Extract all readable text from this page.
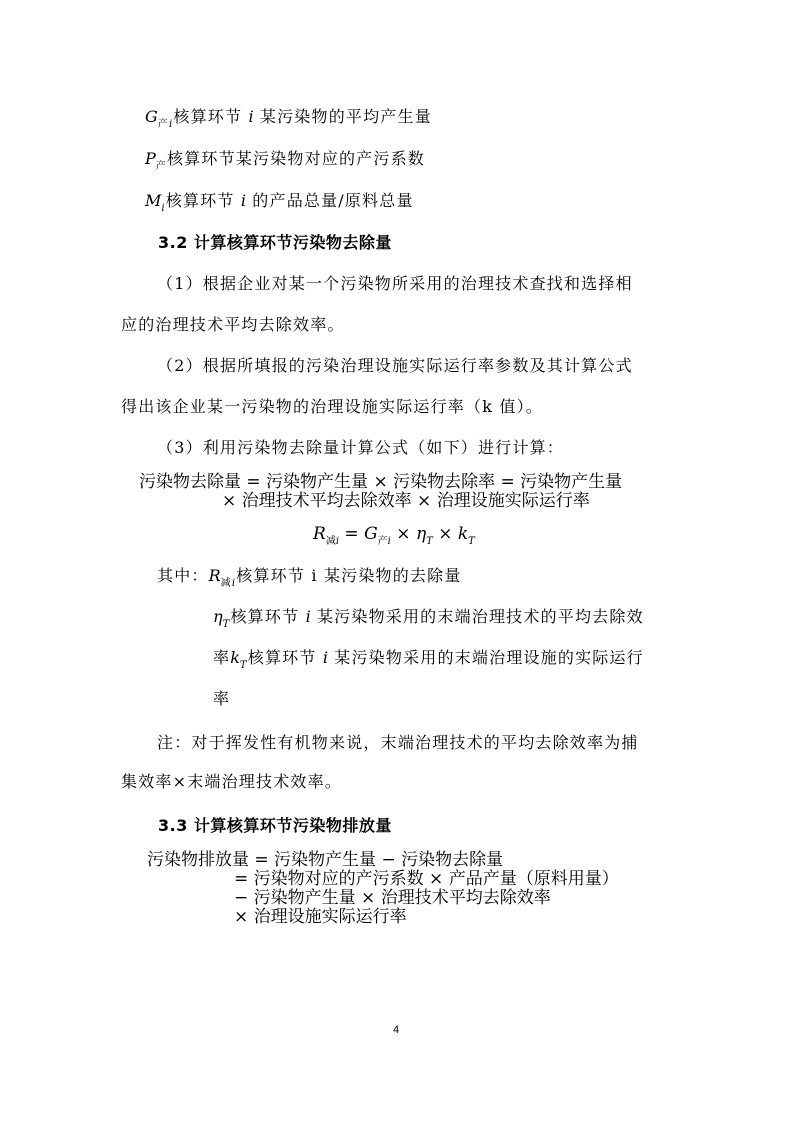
$G_{产i}$核算环节 i 某污染物的平均产生量
$P_产$核算环节某污染物对应的产污系数
$M_i$核算环节 i 的产品总量/原料总量
3.2 计算核算环节污染物去除量
（1）根据企业对某一个污染物所采用的治理技术查找和选择相
应的治理技术平均去除效率。
（2）根据所填报的污染治理设施实际运行率参数及其计算公式
得出该企业某一污染物的治理设施实际运行率（k 值）。
（3）利用污染物去除量计算公式（如下）进行计算：
污染物去除量 = 污染物产生量 × 污染物去除率 = 污染物产生量
× 治理技术平均去除效率 × 治理设施实际运行率
$R_{减i} = G_{产i} \times \eta_T \times k_T$
其中：$R_{减i}$核算环节 i 某污染物的去除量
$\eta_T$核算环节 i 某污染物采用的末端治理技术的平均去除效
率$k_T$核算环节 i 某污染物采用的末端治理设施的实际运行
率
注：对于挥发性有机物来说，末端治理技术的平均去除效率为捕
集效率×末端治理技术效率。
3.3 计算核算环节污染物排放量
污染物排放量 = 污染物产生量 − 污染物去除量
= 污染物对应的产污系数 × 产品产量（原料用量）
− 污染物产生量 × 治理技术平均去除效率
× 治理设施实际运行率
4
